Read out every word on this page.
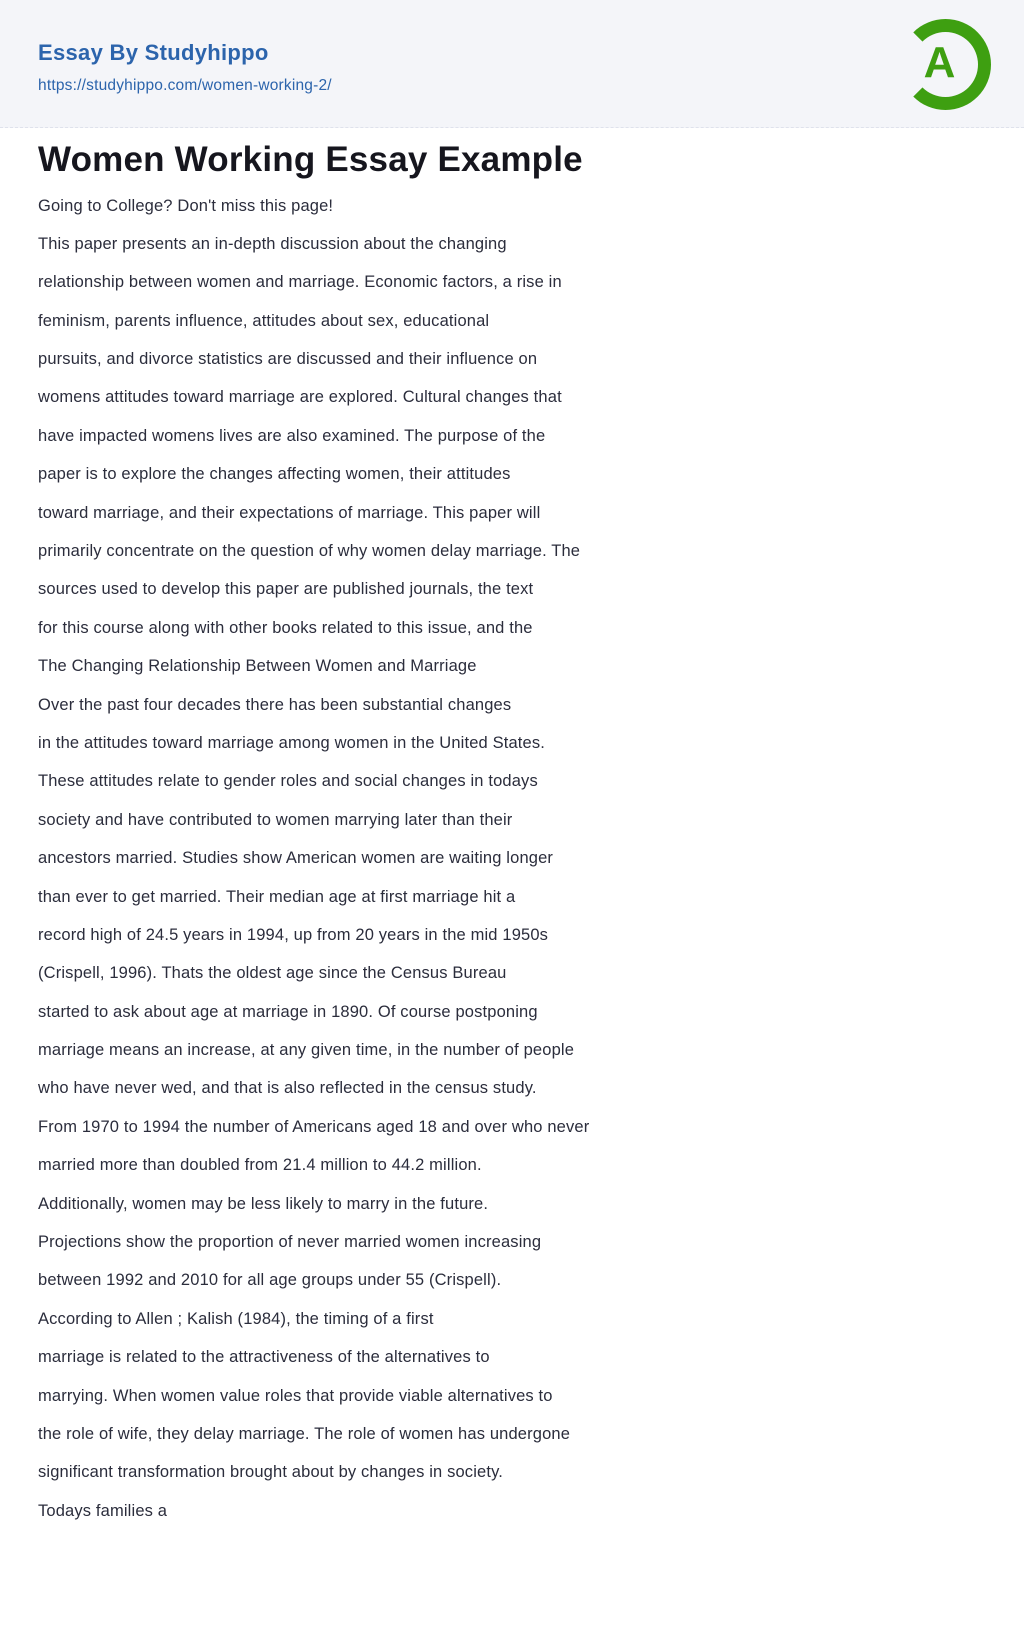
Essay By Studyhippo
https://studyhippo.com/women-working-2/	A
Women Working Essay Example
Going to College? Don't miss this page!
This paper presents an in-depth discussion about the changing
relationship between women and marriage. Economic factors, a rise in
feminism, parents influence, attitudes about sex, educational
pursuits, and divorce statistics are discussed and their influence on
womens attitudes toward marriage are explored. Cultural changes that
have impacted womens lives are also examined. The purpose of the
paper is to explore the changes affecting women, their attitudes
toward marriage, and their expectations of marriage. This paper will
primarily concentrate on the question of why women delay marriage. The
sources used to develop this paper are published journals, the text
for this course along with other books related to this issue, and the
The Changing Relationship Between Women and Marriage
Over the past four decades there has been substantial changes
in the attitudes toward marriage among women in the United States.
These attitudes relate to gender roles and social changes in todays
society and have contributed to women marrying later than their
ancestors married. Studies show American women are waiting longer
than ever to get married. Their median age at first marriage hit a
record high of 24.5 years in 1994, up from 20 years in the mid 1950s
(Crispell, 1996). Thats the oldest age since the Census Bureau
started to ask about age at marriage in 1890. Of course postponing
marriage means an increase, at any given time, in the number of people
who have never wed, and that is also reflected in the census study.
From 1970 to 1994 the number of Americans aged 18 and over who never
married more than doubled from 21.4 million to 44.2 million.
Additionally, women may be less likely to marry in the future.
Projections show the proportion of never married women increasing
between 1992 and 2010 for all age groups under 55 (Crispell).
According to Allen ; Kalish (1984), the timing of a first
marriage is related to the attractiveness of the alternatives to
marrying. When women value roles that provide viable alternatives to
the role of wife, they delay marriage. The role of women has undergone
significant transformation brought about by changes in society.
Todays families a
